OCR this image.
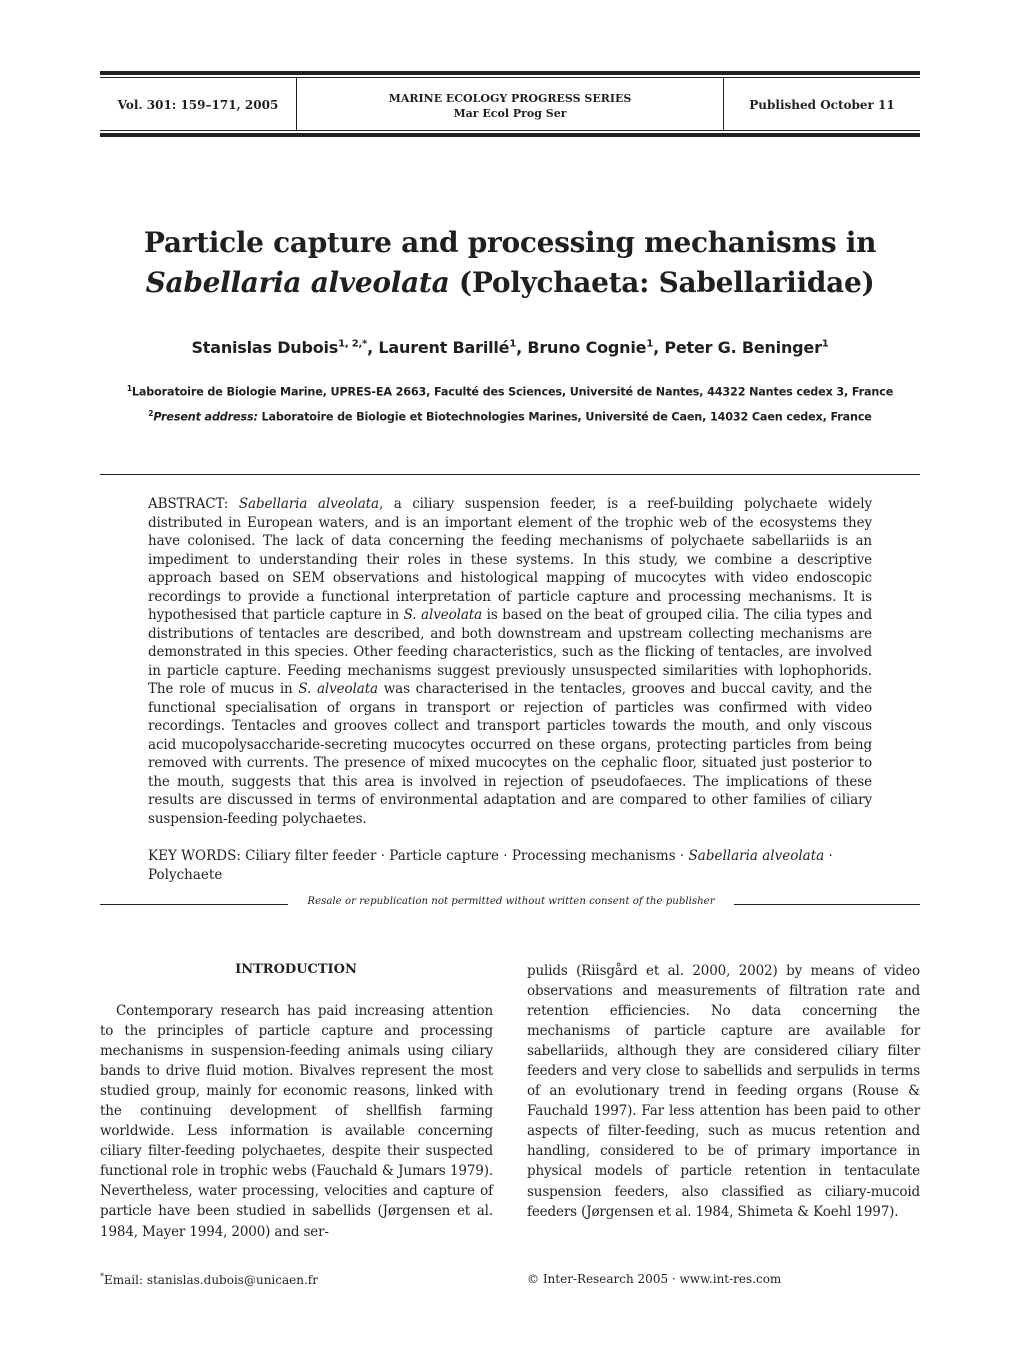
Vol. 301: 159–171, 2005	MARINE ECOLOGY PROGRESS SERIES
Mar Ecol Prog Ser
Published October 11
Particle capture and processing mechanisms in
Sabellaria alveolata (Polychaeta: Sabellariidae)
Stanislas Dubois$^{1, 2,*}$, Laurent Barillé$^1$, Bruno Cognie$^1$, Peter G. Beninger$^1$
$^1$Laboratoire de Biologie Marine, UPRES-EA 2663, Faculté des Sciences, Université de Nantes, 44322 Nantes cedex 3, France
$^2$Present address: Laboratoire de Biologie et Biotechnologies Marines, Université de Caen, 14032 Caen cedex, France
ABSTRACT: Sabellaria alveolata, a ciliary suspension feeder, is a reef-building polychaete widely distributed in European waters, and is an important element of the trophic web of the ecosystems they have colonised. The lack of data concerning the feeding mechanisms of polychaete sabellariids is an impediment to understanding their roles in these systems. In this study, we combine a descriptive approach based on SEM observations and histological mapping of mucocytes with video endoscopic recordings to provide a functional interpretation of particle capture and processing mechanisms. It is hypothesised that particle capture in S. alveolata is based on the beat of grouped cilia. The cilia types and distributions of tentacles are described, and both downstream and upstream collecting mechanisms are demonstrated in this species. Other feeding characteristics, such as the flicking of tentacles, are involved in particle capture. Feeding mechanisms suggest previously unsuspected similarities with lophophorids. The role of mucus in S. alveolata was characterised in the tentacles, grooves and buccal cavity, and the functional specialisation of organs in transport or rejection of particles was confirmed with video recordings. Tentacles and grooves collect and transport particles towards the mouth, and only viscous acid mucopolysaccharide-secreting mucocytes occurred on these organs, protecting particles from being removed with currents. The presence of mixed mucocytes on the cephalic floor, situated just posterior to the mouth, suggests that this area is involved in rejection of pseudofaeces. The implications of these results are discussed in terms of environmental adaptation and are compared to other families of ciliary suspension-feeding polychaetes.
KEY WORDS: Ciliary filter feeder · Particle capture · Processing mechanisms · Sabellaria alveolata · Polychaete
Resale or republication not permitted without written consent of the publisher
INTRODUCTION

Contemporary research has paid increasing attention to the principles of particle capture and processing mechanisms in suspension-feeding animals using ciliary bands to drive fluid motion. Bivalves represent the most studied group, mainly for economic reasons, linked with the continuing development of shellfish farming worldwide. Less information is available concerning ciliary filter-feeding polychaetes, despite their suspected functional role in trophic webs (Fauchald & Jumars 1979). Nevertheless, water processing, velocities and capture of particle have been studied in sabellids (Jørgensen et al. 1984, Mayer 1994, 2000) and ser-

pulids (Riisgård et al. 2000, 2002) by means of video observations and measurements of filtration rate and retention efficiencies. No data concerning the mechanisms of particle capture are available for sabellariids, although they are considered ciliary filter feeders and very close to sabellids and serpulids in terms of an evolutionary trend in feeding organs (Rouse & Fauchald 1997). Far less attention has been paid to other aspects of filter-feeding, such as mucus retention and handling, considered to be of primary importance in physical models of particle retention in tentaculate suspension feeders, also classified as ciliary-mucoid feeders (Jørgensen et al. 1984, Shimeta & Koehl 1997).

*Email: stanislas.dubois@unicaen.fr	© Inter-Research 2005 · www.int-res.com
